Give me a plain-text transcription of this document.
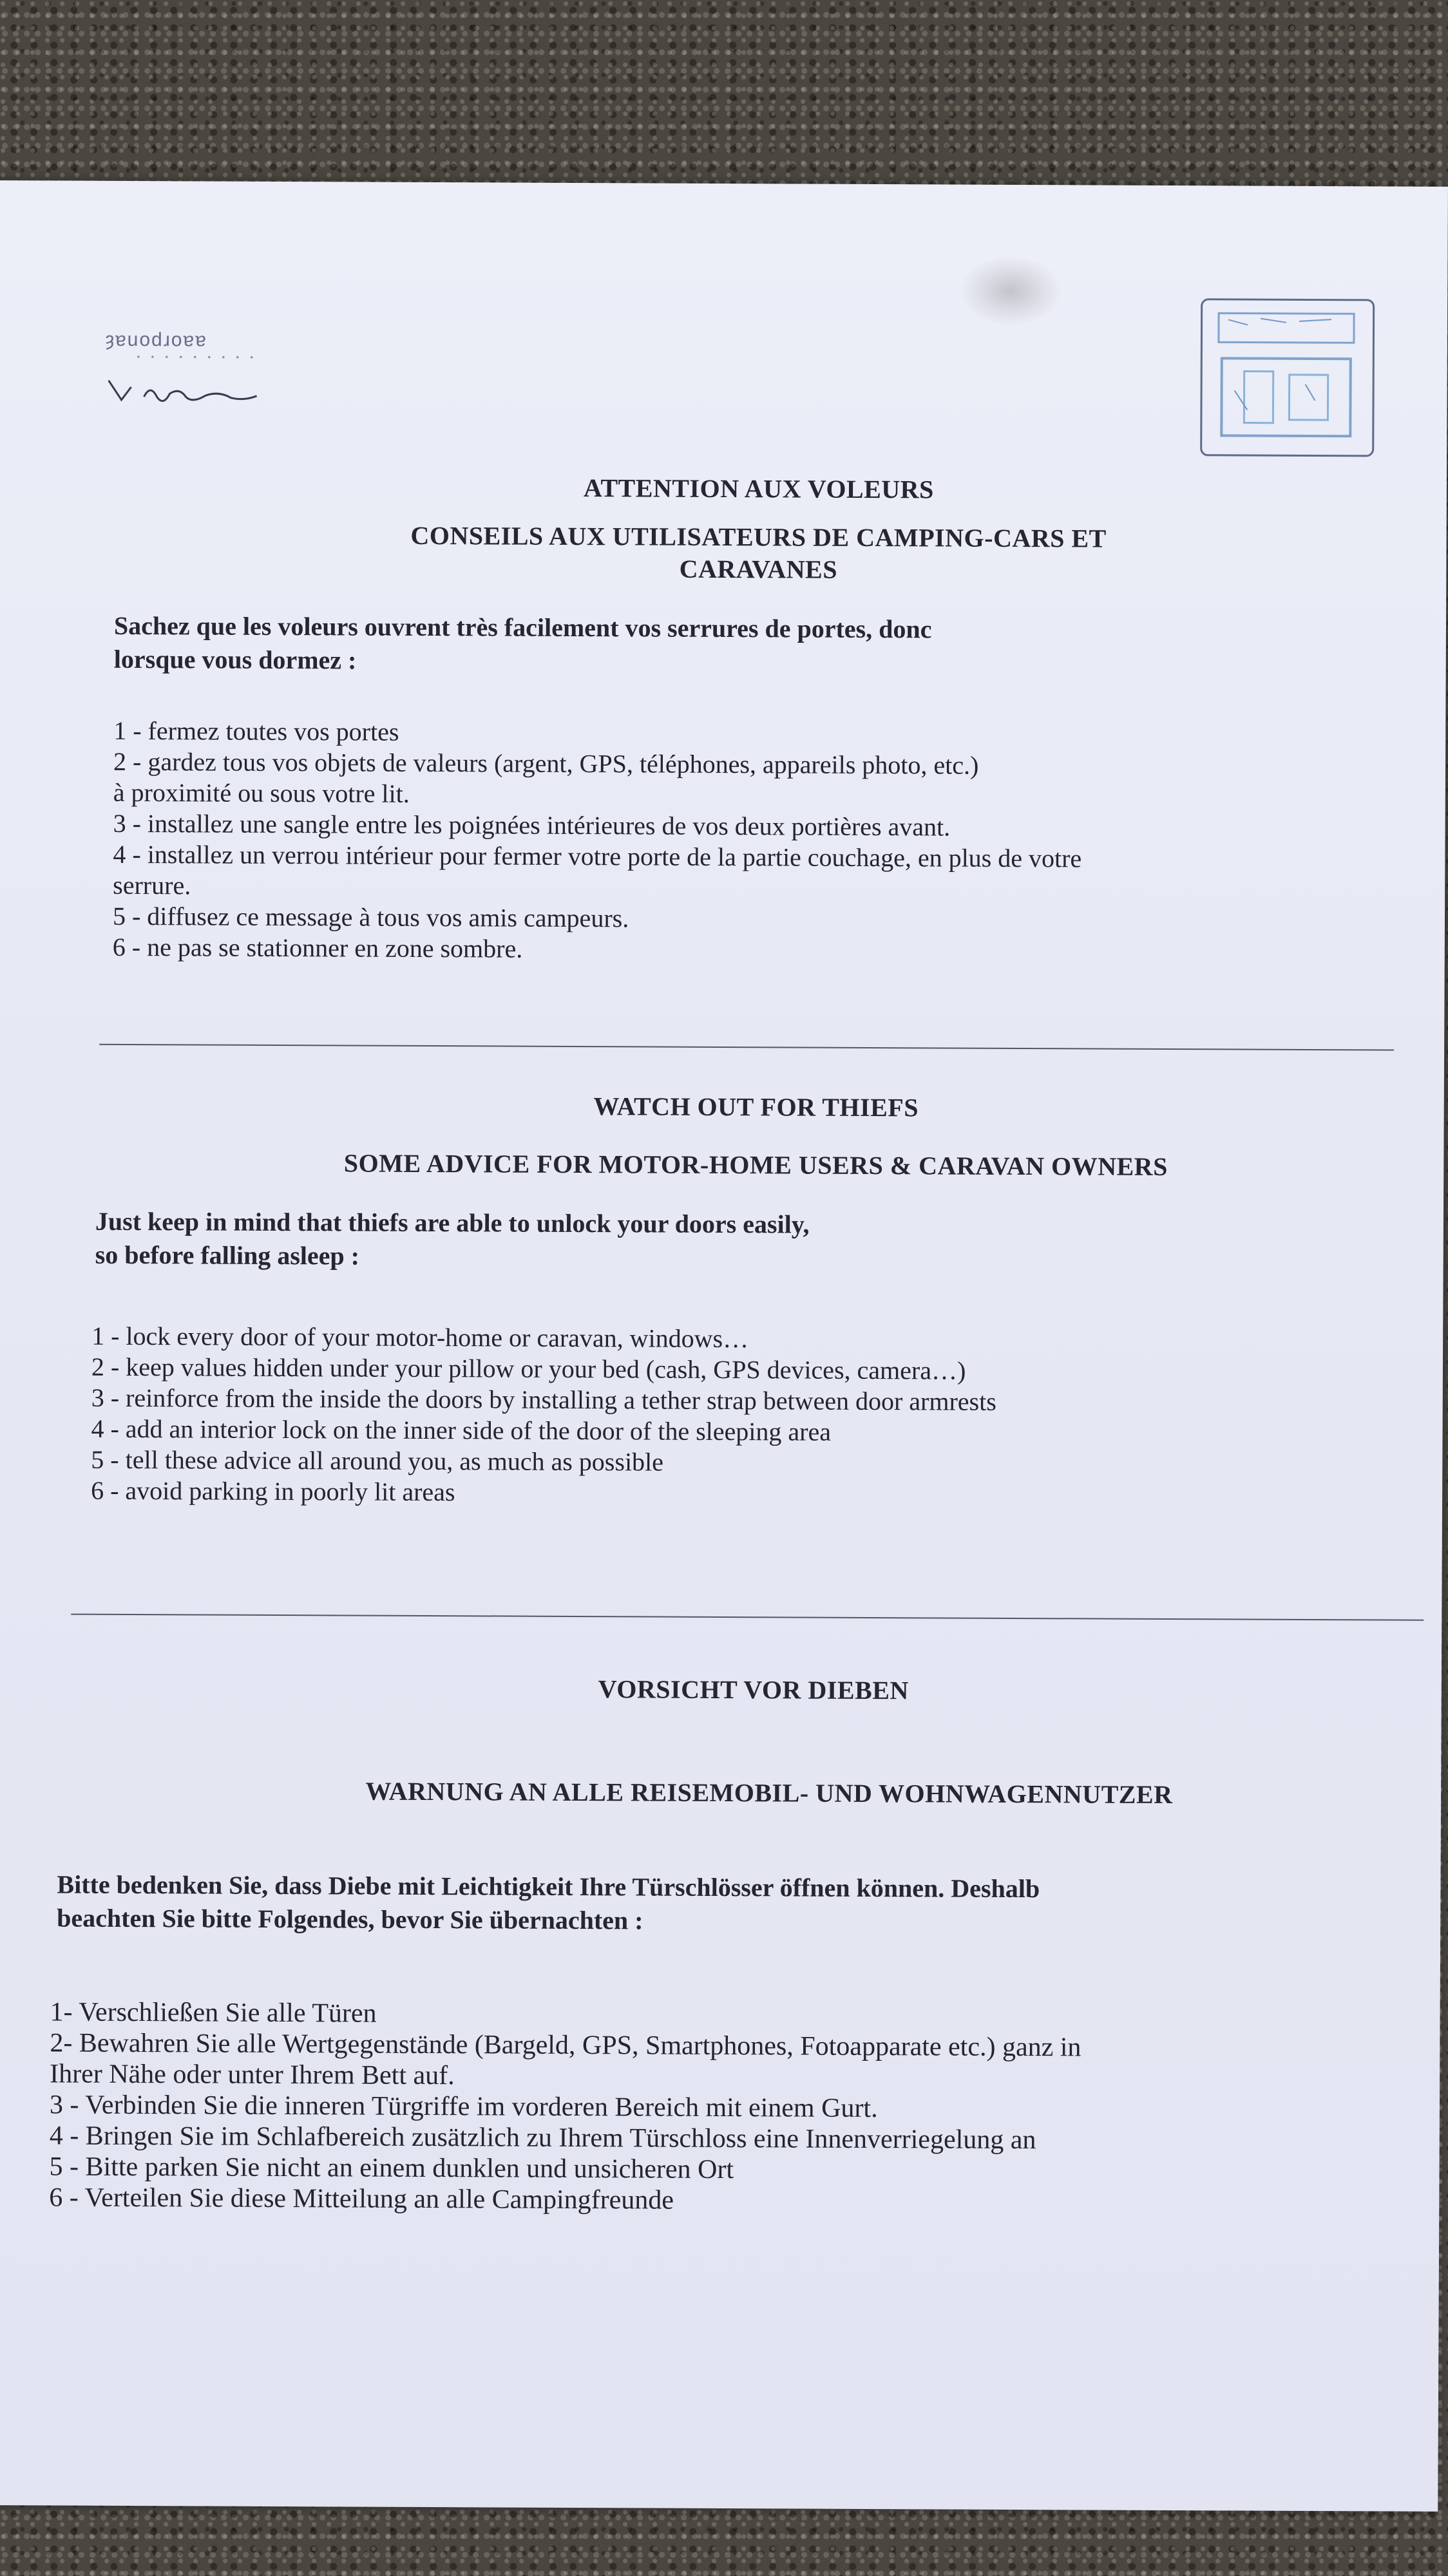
ȝɐuodɹoɐɐ
ATTENTION AUX VOLEURS
CONSEILS AUX UTILISATEURS DE CAMPING-CARS ET
CARAVANES
Sachez que les voleurs ouvrent très facilement vos serrures de portes, donc
lorsque vous dormez :
1 - fermez toutes vos portes
2 - gardez tous vos objets de valeurs (argent, GPS, téléphones, appareils photo, etc.)
à proximité ou sous votre lit.
3 - installez une sangle entre les poignées intérieures de vos deux portières avant.
4 - installez un verrou intérieur pour fermer votre porte de la partie couchage, en plus de votre
serrure.
5 - diffusez ce message à tous vos amis campeurs.
6 - ne pas se stationner en zone sombre.
WATCH OUT FOR THIEFS
SOME ADVICE FOR MOTOR-HOME USERS & CARAVAN OWNERS
Just keep in mind that thiefs are able to unlock your doors easily,
so before falling asleep :
1 - lock every door of your motor-home or caravan, windows…
2 - keep values hidden under your pillow or your bed (cash, GPS devices, camera…)
3 - reinforce from the inside the doors by installing a tether strap between door armrests
4 - add an interior lock on the inner side of the door of the sleeping area
5 - tell these advice all around you, as much as possible
6 - avoid parking in poorly lit areas
VORSICHT VOR DIEBEN
WARNUNG AN ALLE REISEMOBIL- UND WOHNWAGENNUTZER
Bitte bedenken Sie, dass Diebe mit Leichtigkeit Ihre Türschlösser öffnen können. Deshalb
beachten Sie bitte Folgendes, bevor Sie übernachten :
1- Verschließen Sie alle Türen
2- Bewahren Sie alle Wertgegenstände (Bargeld, GPS, Smartphones, Fotoapparate etc.) ganz in
Ihrer Nähe oder unter Ihrem Bett auf.
3 - Verbinden Sie die inneren Türgriffe im vorderen Bereich mit einem Gurt.
4 - Bringen Sie im Schlafbereich zusätzlich zu Ihrem Türschloss eine Innenverriegelung an
5 - Bitte parken Sie nicht an einem dunklen und unsicheren Ort
6 - Verteilen Sie diese Mitteilung an alle Campingfreunde
